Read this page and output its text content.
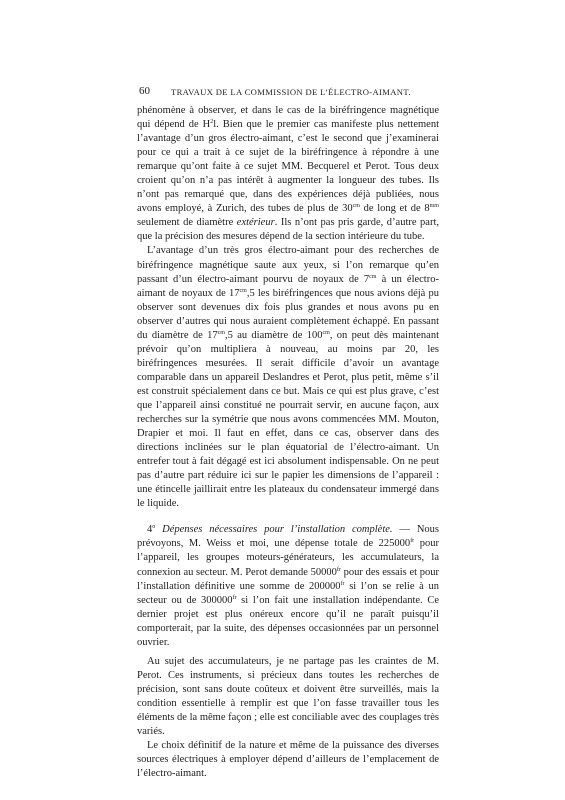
60 TRAVAUX DE LA COMMISSION DE L’ÉLECTRO-AIMANT.

phénomène à observer, et dans le cas de la biréfringence magnétique qui dépend de $H^2l$. Bien que le premier cas manifeste plus nettement l’avantage d’un gros électro-aimant, c’est le second que j’examinerai pour ce qui a trait à ce sujet de la biréfringence à répondre à une remarque qu’ont faite à ce sujet MM. Becquerel et Perot. Tous deux croient qu’on n’a pas intérêt à augmenter la longueur des tubes. Ils n’ont pas remarqué que, dans des expériences déjà publiées, nous avons employé, à Zurich, des tubes de plus de $30^{cm}$ de long et de $8^{mm}$ seulement de diamètre extérieur. Ils n’ont pas pris garde, d’autre part, que la précision des mesures dépend de la section intérieure du tube.

L’avantage d’un très gros électro-aimant pour des recherches de biréfringence magnétique saute aux yeux, si l’on remarque qu’en passant d’un électro-aimant pourvu de noyaux de $7^{cm}$ à un électro-aimant de noyaux de $17^{cm},5$ les biréfringences que nous avions déjà pu observer sont devenues dix fois plus grandes et nous avons pu en observer d’autres qui nous auraient complètement échappé. En passant du diamètre de $17^{cm},5$ au diamètre de $100^{cm}$, on peut dès maintenant prévoir qu’on multipliera à nouveau, au moins par 20, les biréfringences mesurées. Il serait difficile d’avoir un avantage comparable dans un appareil Deslandres et Perot, plus petit, même s’il est construit spécialement dans ce but. Mais ce qui est plus grave, c’est que l’appareil ainsi constitué ne pourrait servir, en aucune façon, aux recherches sur la symétrie que nous avons commencées MM. Mouton, Drapier et moi. Il faut en effet, dans ce cas, observer dans des directions inclinées sur le plan équatorial de l’électro-aimant. Un entrefer tout à fait dégagé est ici absolument indispensable. On ne peut pas d’autre part réduire ici sur le papier les dimensions de l’appareil : une étincelle jaillirait entre les plateaux du condensateur immergé dans le liquide.

4$^o$ Dépenses nécessaires pour l’installation complète. — Nous prévoyons, M. Weiss et moi, une dépense totale de $225000^{fr}$ pour l’appareil, les groupes moteurs-générateurs, les accumulateurs, la connexion au secteur. M. Perot demande $50000^{fr}$ pour des essais et pour l’installation définitive une somme de $200000^{fr}$ si l’on se relie à un secteur ou de $300000^{fr}$ si l’on fait une installation indépendante. Ce dernier projet est plus onéreux encore qu’il ne paraît puisqu’il comporterait, par la suite, des dépenses occasionnées par un personnel ouvrier.

Au sujet des accumulateurs, je ne partage pas les craintes de M. Perot. Ces instruments, si précieux dans toutes les recherches de précision, sont sans doute coûteux et doivent être surveillés, mais la condition essentielle à remplir est que l’on fasse travailler tous les éléments de la même façon ; elle est conciliable avec des couplages très variés.

Le choix définitif de la nature et même de la puissance des diverses sources électriques à employer dépend d’ailleurs de l’emplacement de l’électro-aimant.
